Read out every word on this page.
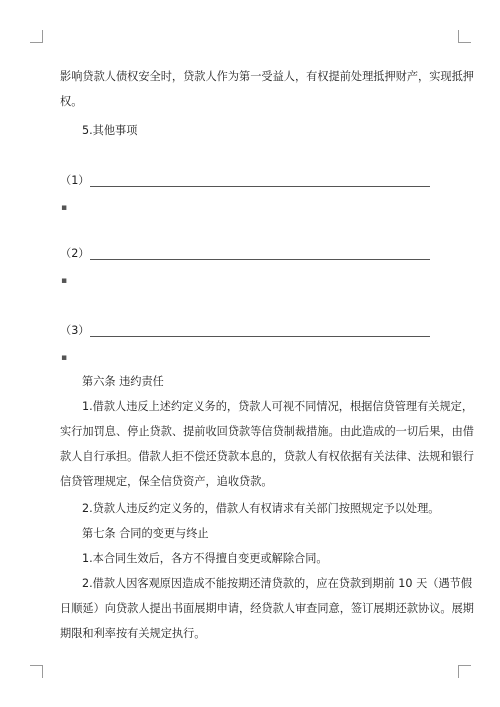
影响贷款人债权安全时，贷款人作为第一受益人，有权提前处理抵押财产，实现抵押
权。
5.其他事项
（1）
▪
（2）
▪
（3）
▪
第六条 违约责任
1.借款人违反上述约定义务的，贷款人可视不同情况，根据信贷管理有关规定，
实行加罚息、停止贷款、提前收回贷款等信贷制裁措施。由此造成的一切后果，由借
款人自行承担。借款人拒不偿还贷款本息的，贷款人有权依据有关法律、法规和银行
信贷管理规定，保全信贷资产，追收贷款。
2.贷款人违反约定义务的，借款人有权请求有关部门按照规定予以处理。
第七条 合同的变更与终止
1.本合同生效后，各方不得擅自变更或解除合同。
2.借款人因客观原因造成不能按期还清贷款的，应在贷款到期前 10 天（遇节假
日顺延）向贷款人提出书面展期申请，经贷款人审查同意，签订展期还款协议。展期
期限和利率按有关规定执行。
